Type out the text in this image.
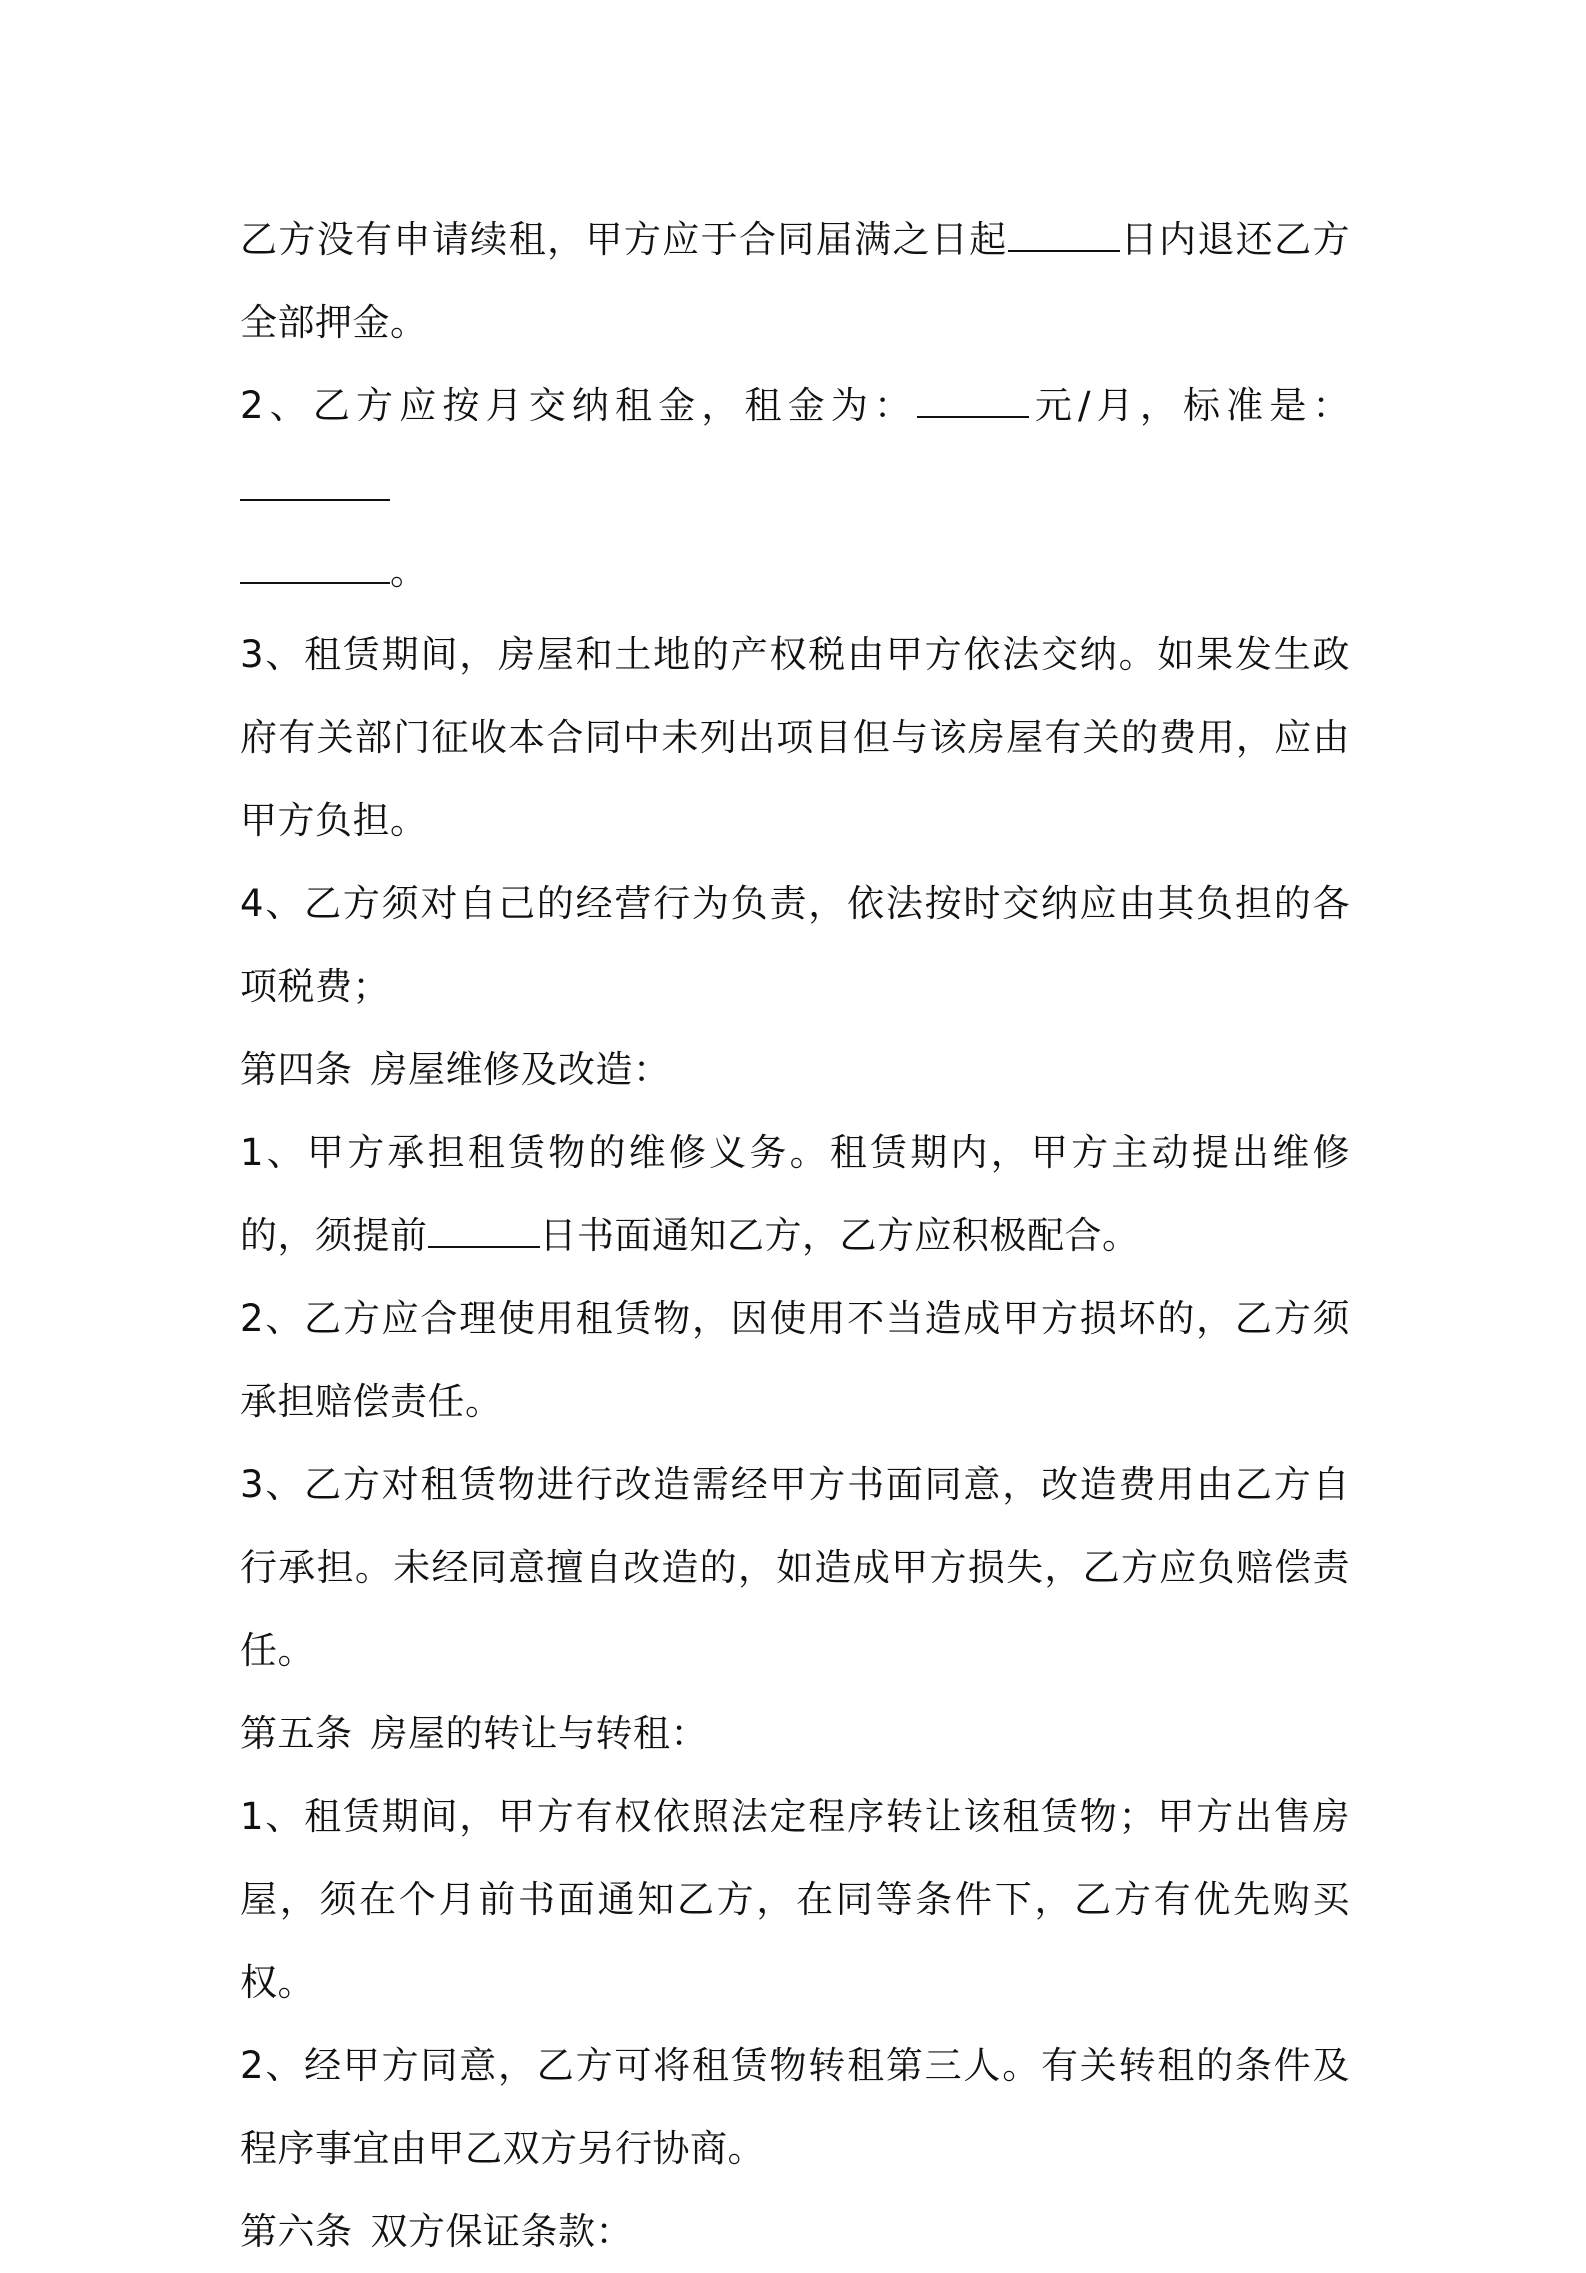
乙方没有申请续租，甲方应于合同届满之日起	日内退还乙方全部押金。

2、乙方应按月交纳租金，租金为：	元/月，标准是：
。

3、租赁期间，房屋和土地的产权税由甲方依法交纳。如果发生政府有关部门征收本合同中未列出项目但与该房屋有关的费用，应由甲方负担。

4、乙方须对自己的经营行为负责，依法按时交纳应由其负担的各项税费；

第四条 房屋维修及改造：

1、甲方承担租赁物的维修义务。租赁期内，甲方主动提出维修的，须提前	日书面通知乙方，乙方应积极配合。

2、乙方应合理使用租赁物，因使用不当造成甲方损坏的，乙方须承担赔偿责任。

3、乙方对租赁物进行改造需经甲方书面同意，改造费用由乙方自行承担。未经同意擅自改造的，如造成甲方损失，乙方应负赔偿责任。

第五条 房屋的转让与转租：

1、租赁期间，甲方有权依照法定程序转让该租赁物；甲方出售房屋，须在个月前书面通知乙方，在同等条件下，乙方有优先购买权。

2、经甲方同意，乙方可将租赁物转租第三人。有关转租的条件及程序事宜由甲乙双方另行协商。

第六条 双方保证条款：
